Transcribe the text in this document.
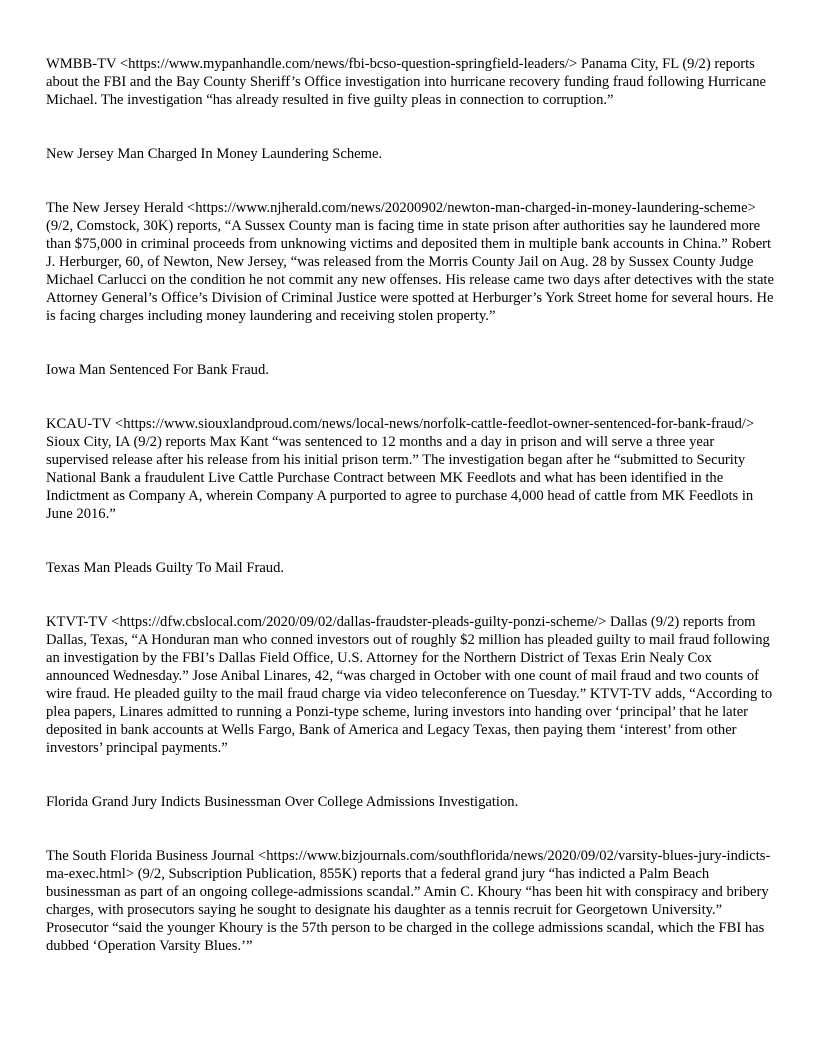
WMBB-TV <https://www.mypanhandle.com/news/fbi-bcso-question-springfield-leaders/> Panama City, FL (9/2) reports about the FBI and the Bay County Sheriff’s Office investigation into hurricane recovery funding fraud following Hurricane Michael. The investigation “has already resulted in five guilty pleas in connection to corruption.”

New Jersey Man Charged In Money Laundering Scheme.

The New Jersey Herald <https://www.njherald.com/news/20200902/newton-man-charged-in-money-laundering-scheme> (9/2, Comstock, 30K) reports, “A Sussex County man is facing time in state prison after authorities say he laundered more than $75,000 in criminal proceeds from unknowing victims and deposited them in multiple bank accounts in China.” Robert J. Herburger, 60, of Newton, New Jersey, “was released from the Morris County Jail on Aug. 28 by Sussex County Judge Michael Carlucci on the condition he not commit any new offenses. His release came two days after detectives with the state Attorney General’s Office’s Division of Criminal Justice were spotted at Herburger’s York Street home for several hours. He is facing charges including money laundering and receiving stolen property.”

Iowa Man Sentenced For Bank Fraud.

KCAU-TV <https://www.siouxlandproud.com/news/local-news/norfolk-cattle-feedlot-owner-sentenced-for-bank-fraud/> Sioux City, IA (9/2) reports Max Kant “was sentenced to 12 months and a day in prison and will serve a three year supervised release after his release from his initial prison term.” The investigation began after he “submitted to Security National Bank a fraudulent Live Cattle Purchase Contract between MK Feedlots and what has been identified in the Indictment as Company A, wherein Company A purported to agree to purchase 4,000 head of cattle from MK Feedlots in June 2016.”

Texas Man Pleads Guilty To Mail Fraud.

KTVT-TV <https://dfw.cbslocal.com/2020/09/02/dallas-fraudster-pleads-guilty-ponzi-scheme/> Dallas (9/2) reports from Dallas, Texas, “A Honduran man who conned investors out of roughly $2 million has pleaded guilty to mail fraud following an investigation by the FBI’s Dallas Field Office, U.S. Attorney for the Northern District of Texas Erin Nealy Cox announced Wednesday.” Jose Anibal Linares, 42, “was charged in October with one count of mail fraud and two counts of wire fraud. He pleaded guilty to the mail fraud charge via video teleconference on Tuesday.” KTVT-TV adds, “According to plea papers, Linares admitted to running a Ponzi-type scheme, luring investors into handing over ‘principal’ that he later deposited in bank accounts at Wells Fargo, Bank of America and Legacy Texas, then paying them ‘interest’ from other investors’ principal payments.”

Florida Grand Jury Indicts Businessman Over College Admissions Investigation.

The South Florida Business Journal <https://www.bizjournals.com/southflorida/news/2020/09/02/varsity-blues-jury-indicts-ma-exec.html> (9/2, Subscription Publication, 855K) reports that a federal grand jury “has indicted a Palm Beach businessman as part of an ongoing college-admissions scandal.” Amin C. Khoury “has been hit with conspiracy and bribery charges, with prosecutors saying he sought to designate his daughter as a tennis recruit for Georgetown University.” Prosecutor “said the younger Khoury is the 57th person to be charged in the college admissions scandal, which the FBI has dubbed ‘Operation Varsity Blues.’”
